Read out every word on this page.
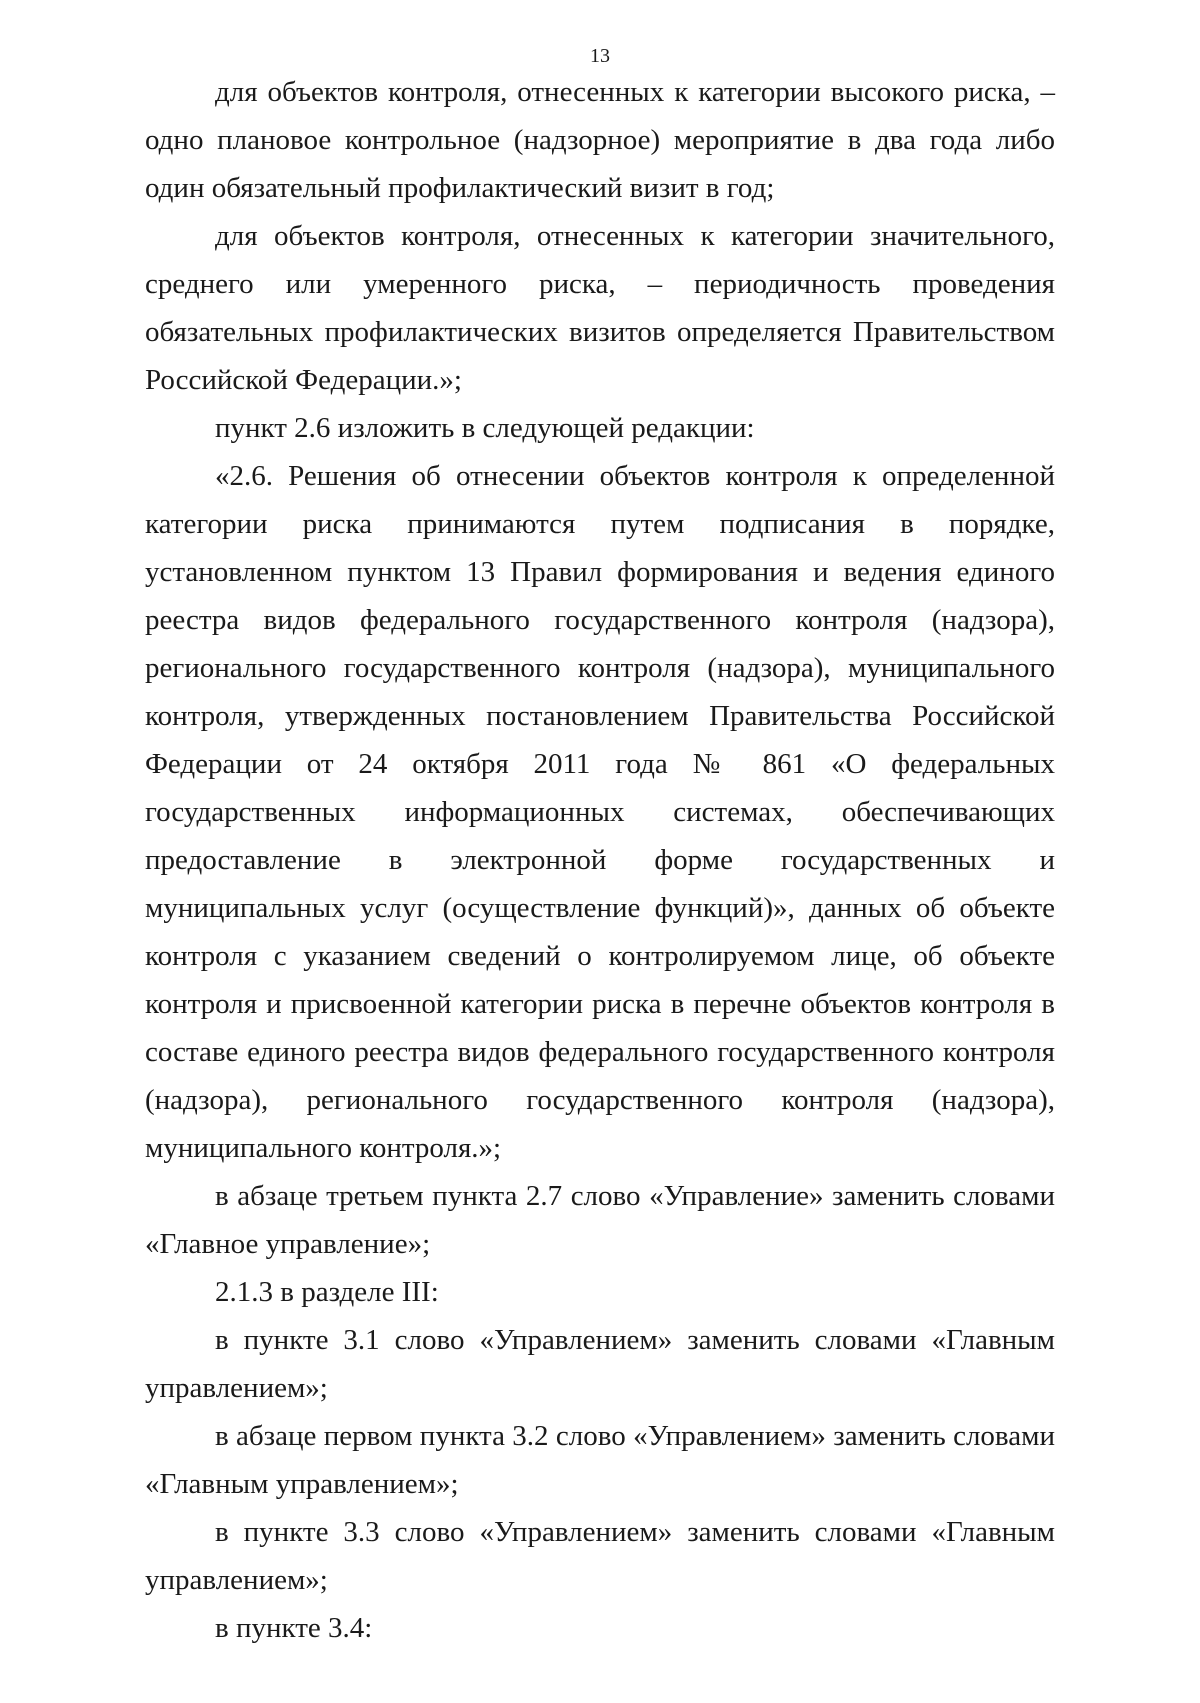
13

для объектов контроля, отнесенных к категории высокого риска, – одно плановое контрольное (надзорное) мероприятие в два года либо один обязательный профилактический визит в год;

для объектов контроля, отнесенных к категории значительного, среднего или умеренного риска, – периодичность проведения обязательных профилактических визитов определяется Правительством Российской Федерации.»;

пункт 2.6 изложить в следующей редакции:

«2.6. Решения об отнесении объектов контроля к определенной категории риска принимаются путем подписания в порядке, установленном пунктом 13 Правил формирования и ведения единого реестра видов федерального государственного контроля (надзора), регионального государственного контроля (надзора), муниципального контроля, утвержденных постановлением Правительства Российской Федерации от 24 октября 2011 года № 861 «О федеральных государственных информационных системах, обеспечивающих предоставление в электронной форме государственных и муниципальных услуг (осуществление функций)», данных об объекте контроля с указанием сведений о контролируемом лице, об объекте контроля и присвоенной категории риска в перечне объектов контроля в составе единого реестра видов федерального государственного контроля (надзора), регионального государственного контроля (надзора), муниципального контроля.»;

в абзаце третьем пункта 2.7 слово «Управление» заменить словами «Главное управление»;

2.1.3 в разделе III:

в пункте 3.1 слово «Управлением» заменить словами «Главным управлением»;

в абзаце первом пункта 3.2 слово «Управлением» заменить словами «Главным управлением»;

в пункте 3.3 слово «Управлением» заменить словами «Главным управлением»;

в пункте 3.4:
